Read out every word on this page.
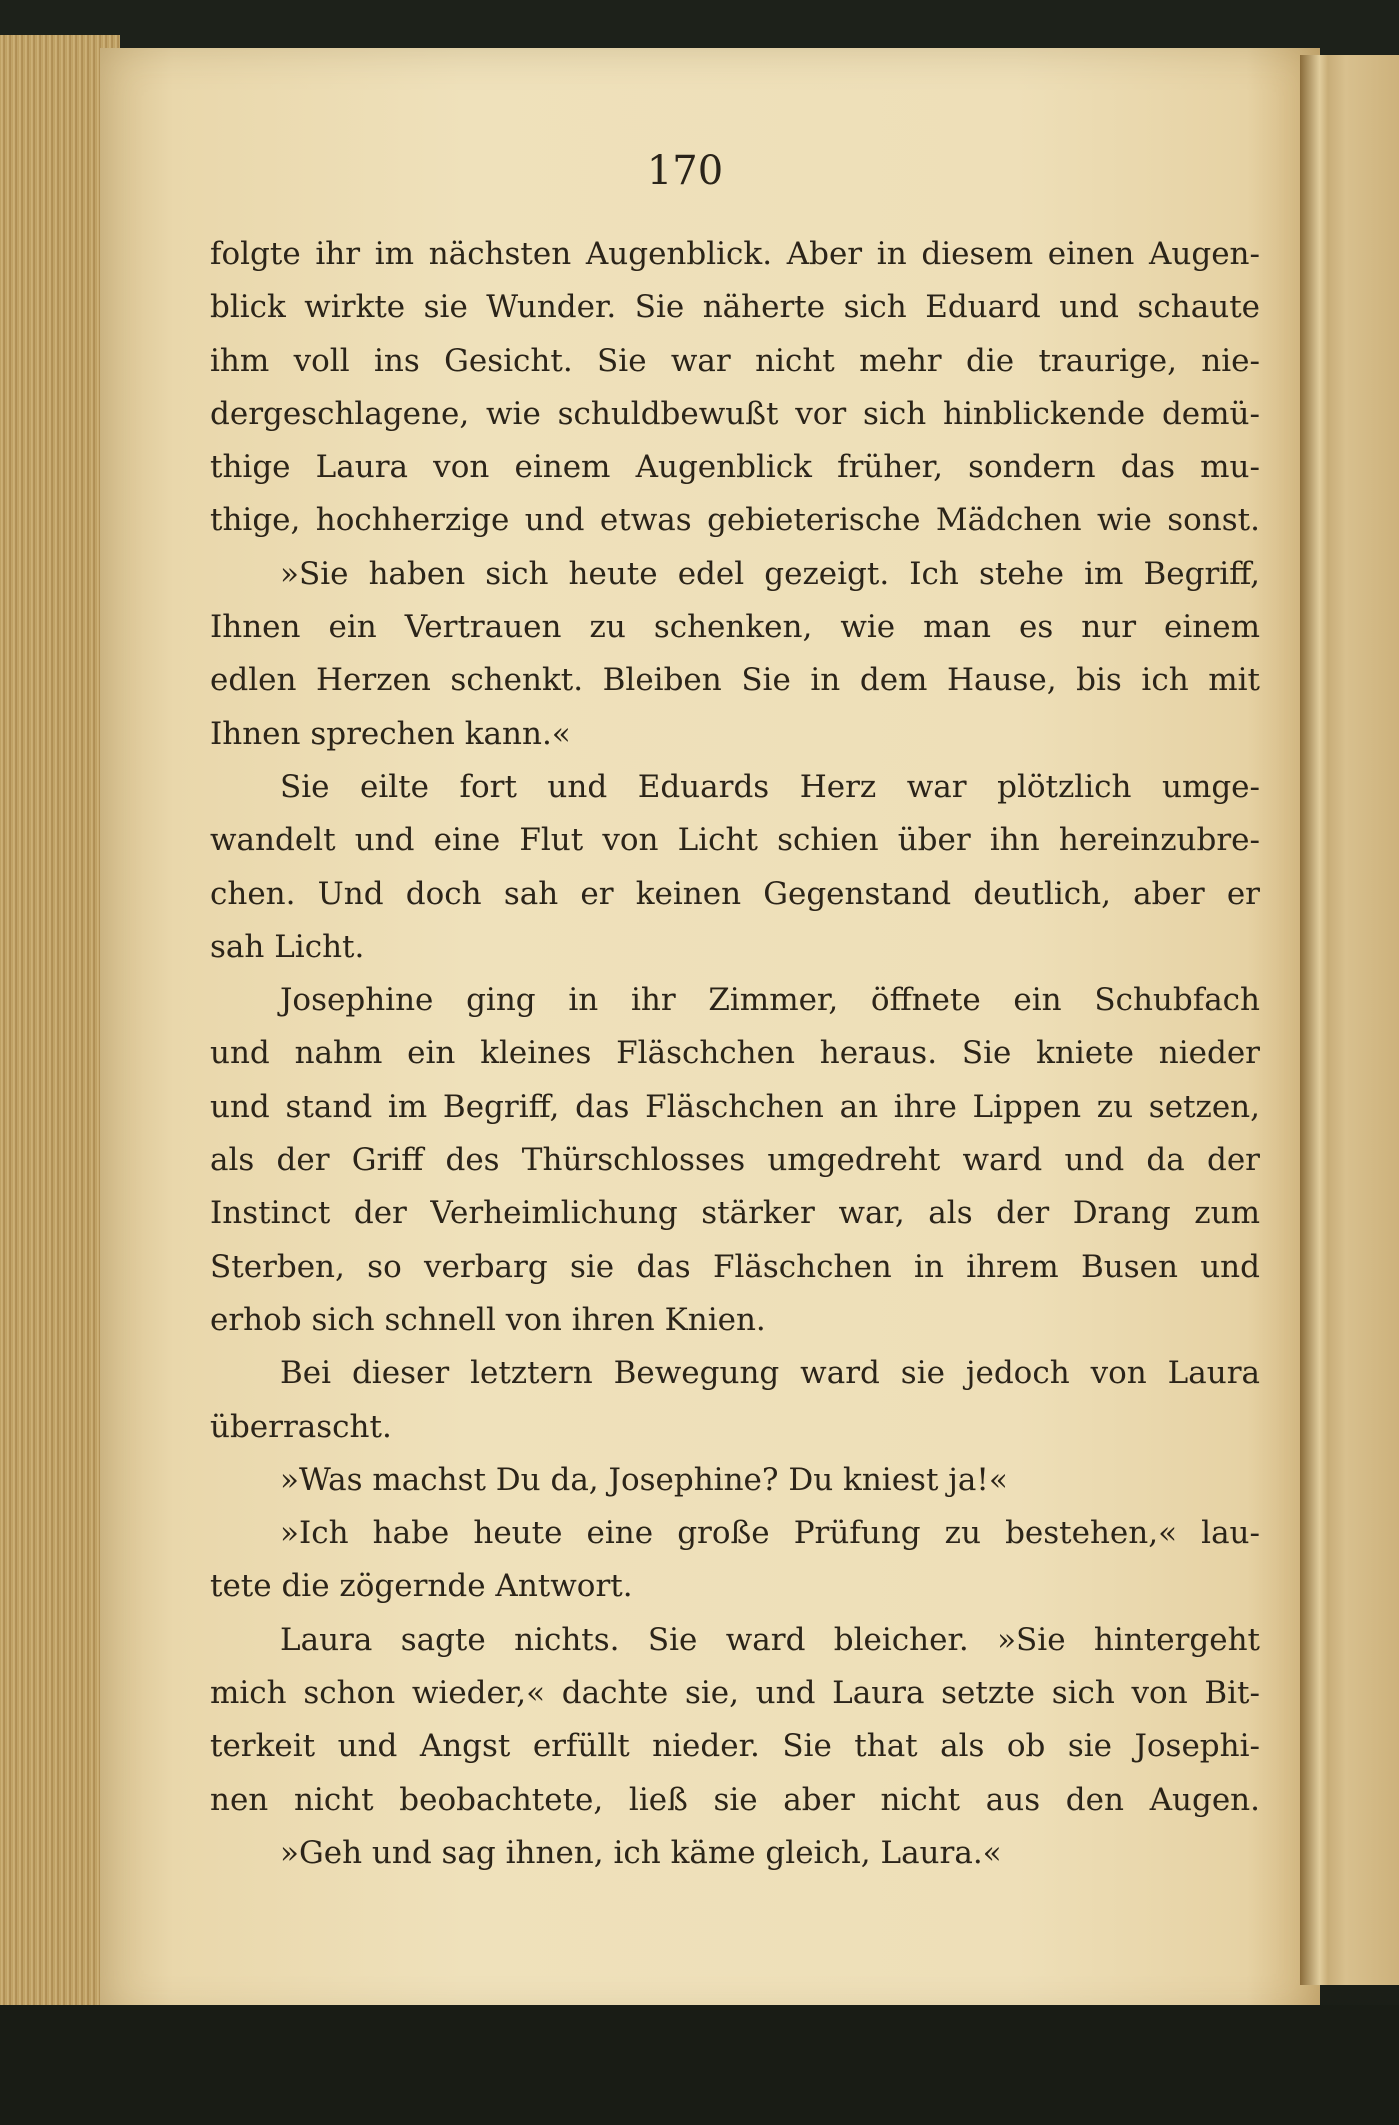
170
folgte ihr im nächsten Augenblick. Aber in diesem einen Augen-
blick wirkte sie Wunder. Sie näherte sich Eduard und schaute
ihm voll ins Gesicht. Sie war nicht mehr die traurige, nie-
dergeschlagene, wie schuldbewußt vor sich hinblickende demü-
thige Laura von einem Augenblick früher, sondern das mu-
thige, hochherzige und etwas gebieterische Mädchen wie sonst.
»Sie haben sich heute edel gezeigt. Ich stehe im Begriff,
Ihnen ein Vertrauen zu schenken, wie man es nur einem
edlen Herzen schenkt. Bleiben Sie in dem Hause, bis ich mit
Ihnen sprechen kann.«
Sie eilte fort und Eduards Herz war plötzlich umge-
wandelt und eine Flut von Licht schien über ihn hereinzubre-
chen. Und doch sah er keinen Gegenstand deutlich, aber er
sah Licht.
Josephine ging in ihr Zimmer, öffnete ein Schubfach
und nahm ein kleines Fläschchen heraus. Sie kniete nieder
und stand im Begriff, das Fläschchen an ihre Lippen zu setzen,
als der Griff des Thürschlosses umgedreht ward und da der
Instinct der Verheimlichung stärker war, als der Drang zum
Sterben, so verbarg sie das Fläschchen in ihrem Busen und
erhob sich schnell von ihren Knien.
Bei dieser letztern Bewegung ward sie jedoch von Laura
überrascht.
»Was machst Du da, Josephine? Du kniest ja!«
»Ich habe heute eine große Prüfung zu bestehen,« lau-
tete die zögernde Antwort.
Laura sagte nichts. Sie ward bleicher. »Sie hintergeht
mich schon wieder,« dachte sie, und Laura setzte sich von Bit-
terkeit und Angst erfüllt nieder. Sie that als ob sie Josephi-
nen nicht beobachtete, ließ sie aber nicht aus den Augen.
»Geh und sag ihnen, ich käme gleich, Laura.«
